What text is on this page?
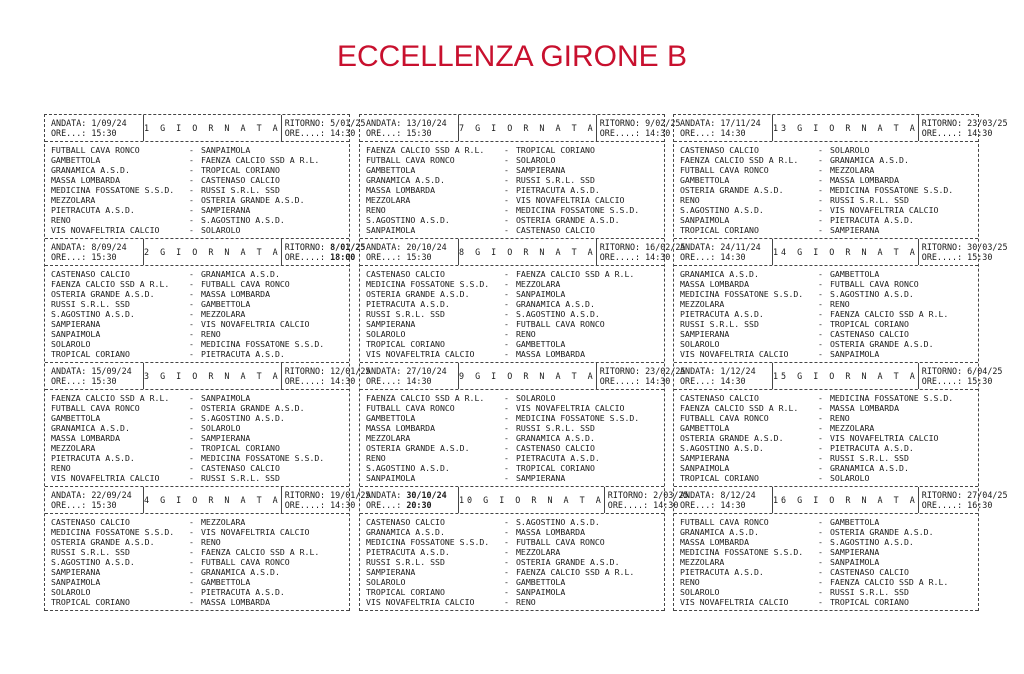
ECCELLENZA GIRONE B
ANDATA: 1/09/24
ORE...: 15:30	1 G I O R N A T A RITORNO: 5/01/25
ORE....: 14:30
FUTBALL CAVA RONCO	- SANPAIMOLA
GAMBETTOLA	- FAENZA CALCIO SSD A R.L.
GRANAMICA A.S.D.	- TROPICAL CORIANO
MASSA LOMBARDA	- CASTENASO CALCIO
MEDICINA FOSSATONE S.S.D.	- RUSSI S.R.L. SSD
MEZZOLARA	- OSTERIA GRANDE A.S.D.
PIETRACUTA A.S.D.	- SAMPIERANA
RENO	- S.AGOSTINO A.S.D.
VIS NOVAFELTRIA CALCIO	- SOLAROLO
ANDATA: 8/09/24
ORE...: 15:30	2 G I O R N A T A RITORNO: 8/01/25
ORE....: 18:00
CASTENASO CALCIO	- GRANAMICA A.S.D.
FAENZA CALCIO SSD A R.L.	- FUTBALL CAVA RONCO
OSTERIA GRANDE A.S.D.	- MASSA LOMBARDA
RUSSI S.R.L. SSD	- GAMBETTOLA
S.AGOSTINO A.S.D.	- MEZZOLARA
SAMPIERANA	- VIS NOVAFELTRIA CALCIO
SANPAIMOLA	- RENO
SOLAROLO	- MEDICINA FOSSATONE S.S.D.
TROPICAL CORIANO	- PIETRACUTA A.S.D.
ANDATA: 15/09/24
ORE...: 15:30	3 G I O R N A T A RITORNO: 12/01/25
ORE....: 14:30
FAENZA CALCIO SSD A R.L.	- SANPAIMOLA
FUTBALL CAVA RONCO	- OSTERIA GRANDE A.S.D.
GAMBETTOLA	- S.AGOSTINO A.S.D.
GRANAMICA A.S.D.	- SOLAROLO
MASSA LOMBARDA	- SAMPIERANA
MEZZOLARA	- TROPICAL CORIANO
PIETRACUTA A.S.D.	- MEDICINA FOSSATONE S.S.D.
RENO	- CASTENASO CALCIO
VIS NOVAFELTRIA CALCIO	- RUSSI S.R.L. SSD
ANDATA: 22/09/24
ORE...: 15:30	4 G I O R N A T A RITORNO: 19/01/25
ORE....: 14:30
CASTENASO CALCIO	- MEZZOLARA
MEDICINA FOSSATONE S.S.D.	- VIS NOVAFELTRIA CALCIO
OSTERIA GRANDE A.S.D.	- RENO
RUSSI S.R.L. SSD	- FAENZA CALCIO SSD A R.L.
S.AGOSTINO A.S.D.	- FUTBALL CAVA RONCO
SAMPIERANA	- GRANAMICA A.S.D.
SANPAIMOLA	- GAMBETTOLA
SOLAROLO	- PIETRACUTA A.S.D.
TROPICAL CORIANO	- MASSA LOMBARDA
ANDATA: 13/10/24
ORE...: 15:30	7 G I O R N A T A RITORNO: 9/02/25
ORE....: 14:30
FAENZA CALCIO SSD A R.L.	- TROPICAL CORIANO
FUTBALL CAVA RONCO	- SOLAROLO
GAMBETTOLA	- SAMPIERANA
GRANAMICA A.S.D.	- RUSSI S.R.L. SSD
MASSA LOMBARDA	- PIETRACUTA A.S.D.
MEZZOLARA	- VIS NOVAFELTRIA CALCIO
RENO	- MEDICINA FOSSATONE S.S.D.
S.AGOSTINO A.S.D.	- OSTERIA GRANDE A.S.D.
SANPAIMOLA	- CASTENASO CALCIO
ANDATA: 20/10/24
ORE...: 15:30	8 G I O R N A T A RITORNO: 16/02/25
ORE....: 14:30
CASTENASO CALCIO	- FAENZA CALCIO SSD A R.L.
MEDICINA FOSSATONE S.S.D.	- MEZZOLARA
OSTERIA GRANDE A.S.D.	- SANPAIMOLA
PIETRACUTA A.S.D.	- GRANAMICA A.S.D.
RUSSI S.R.L. SSD	- S.AGOSTINO A.S.D.
SAMPIERANA	- FUTBALL CAVA RONCO
SOLAROLO	- RENO
TROPICAL CORIANO	- GAMBETTOLA
VIS NOVAFELTRIA CALCIO	- MASSA LOMBARDA
ANDATA: 27/10/24
ORE...: 14:30	9 G I O R N A T A RITORNO: 23/02/25
ORE....: 14:30
FAENZA CALCIO SSD A R.L.	- SOLAROLO
FUTBALL CAVA RONCO	- VIS NOVAFELTRIA CALCIO
GAMBETTOLA	- MEDICINA FOSSATONE S.S.D.
MASSA LOMBARDA	- RUSSI S.R.L. SSD
MEZZOLARA	- GRANAMICA A.S.D.
OSTERIA GRANDE A.S.D.	- CASTENASO CALCIO
RENO	- PIETRACUTA A.S.D.
S.AGOSTINO A.S.D.	- TROPICAL CORIANO
SANPAIMOLA	- SAMPIERANA
ANDATA: 30/10/24
ORE...: 20:30	10 G I O R N A T A RITORNO: 2/03/25
ORE....: 14:30
CASTENASO CALCIO	- S.AGOSTINO A.S.D.
GRANAMICA A.S.D.	- MASSA LOMBARDA
MEDICINA FOSSATONE S.S.D.	- FUTBALL CAVA RONCO
PIETRACUTA A.S.D.	- MEZZOLARA
RUSSI S.R.L. SSD	- OSTERIA GRANDE A.S.D.
SAMPIERANA	- FAENZA CALCIO SSD A R.L.
SOLAROLO	- GAMBETTOLA
TROPICAL CORIANO	- SANPAIMOLA
VIS NOVAFELTRIA CALCIO	- RENO
ANDATA: 17/11/24
ORE...: 14:30	13 G I O R N A T A RITORNO: 23/03/25
ORE....: 14:30
CASTENASO CALCIO	- SOLAROLO
FAENZA CALCIO SSD A R.L.	- GRANAMICA A.S.D.
FUTBALL CAVA RONCO	- MEZZOLARA
GAMBETTOLA	- MASSA LOMBARDA
OSTERIA GRANDE A.S.D.	- MEDICINA FOSSATONE S.S.D.
RENO	- RUSSI S.R.L. SSD
S.AGOSTINO A.S.D.	- VIS NOVAFELTRIA CALCIO
SANPAIMOLA	- PIETRACUTA A.S.D.
TROPICAL CORIANO	- SAMPIERANA
ANDATA: 24/11/24
ORE...: 14:30	14 G I O R N A T A RITORNO: 30/03/25
ORE....: 15:30
GRANAMICA A.S.D.	- GAMBETTOLA
MASSA LOMBARDA	- FUTBALL CAVA RONCO
MEDICINA FOSSATONE S.S.D.	- S.AGOSTINO A.S.D.
MEZZOLARA	- RENO
PIETRACUTA A.S.D.	- FAENZA CALCIO SSD A R.L.
RUSSI S.R.L. SSD	- TROPICAL CORIANO
SAMPIERANA	- CASTENASO CALCIO
SOLAROLO	- OSTERIA GRANDE A.S.D.
VIS NOVAFELTRIA CALCIO	- SANPAIMOLA
ANDATA: 1/12/24
ORE...: 14:30	15 G I O R N A T A RITORNO: 6/04/25
ORE....: 15:30
CASTENASO CALCIO	- MEDICINA FOSSATONE S.S.D.
FAENZA CALCIO SSD A R.L.	- MASSA LOMBARDA
FUTBALL CAVA RONCO	- RENO
GAMBETTOLA	- MEZZOLARA
OSTERIA GRANDE A.S.D.	- VIS NOVAFELTRIA CALCIO
S.AGOSTINO A.S.D.	- PIETRACUTA A.S.D.
SAMPIERANA	- RUSSI S.R.L. SSD
SANPAIMOLA	- GRANAMICA A.S.D.
TROPICAL CORIANO	- SOLAROLO
ANDATA: 8/12/24
ORE...: 14:30	16 G I O R N A T A RITORNO: 27/04/25
ORE....: 16:30
FUTBALL CAVA RONCO	- GAMBETTOLA
GRANAMICA A.S.D.	- OSTERIA GRANDE A.S.D.
MASSA LOMBARDA	- S.AGOSTINO A.S.D.
MEDICINA FOSSATONE S.S.D.	- SAMPIERANA
MEZZOLARA	- SANPAIMOLA
PIETRACUTA A.S.D.	- CASTENASO CALCIO
RENO	- FAENZA CALCIO SSD A R.L.
SOLAROLO	- RUSSI S.R.L. SSD
VIS NOVAFELTRIA CALCIO	- TROPICAL CORIANO
